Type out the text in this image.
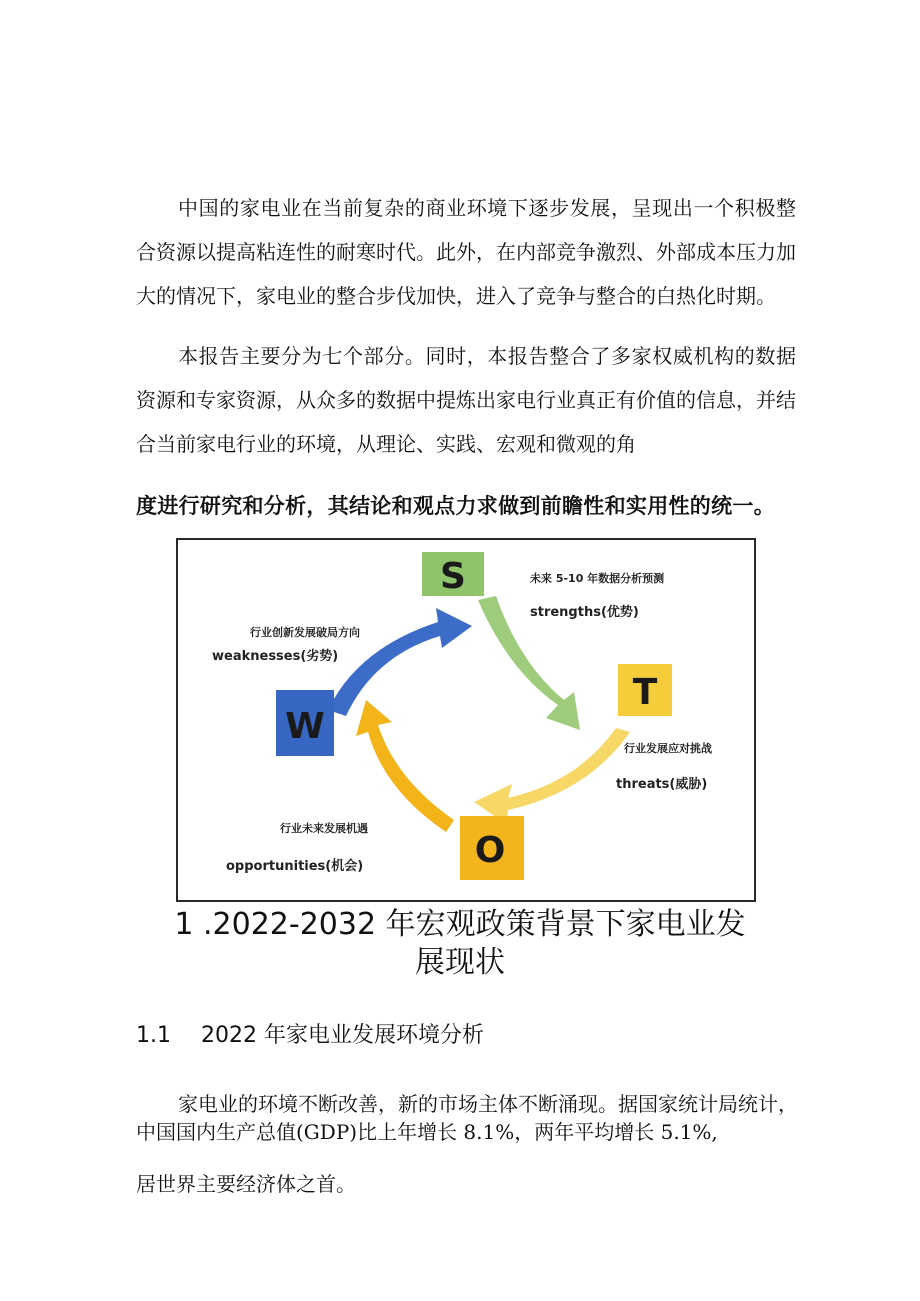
中国的家电业在当前复杂的商业环境下逐步发展，呈现出一个积极整合资源以提高粘连性的耐寒时代。此外，在内部竞争激烈、外部成本压力加大的情况下，家电业的整合步伐加快，进入了竞争与整合的白热化时期。

本报告主要分为七个部分。同时，本报告整合了多家权威机构的数据资源和专家资源，从众多的数据中提炼出家电行业真正有价值的信息，并结合当前家电行业的环境，从理论、实践、宏观和微观的角

度进行研究和分析，其结论和观点力求做到前瞻性和实用性的统一。
S
T
O
W
未来 5-10 年数据分析预测
strengths(优势)
行业创新发展破局方向
weaknesses(劣势)
行业发展应对挑战
threats(威胁)
行业未来发展机遇
opportunities(机会)
1 .2022-2032 年宏观政策背景下家电业发
展现状
1.1 2022 年家电业发展环境分析
家电业的环境不断改善，新的市场主体不断涌现。据国家统计局统计，
中国国内生产总值(GDP)比上年增长 8.1%，两年平均增长 5.1%,
居世界主要经济体之首。
